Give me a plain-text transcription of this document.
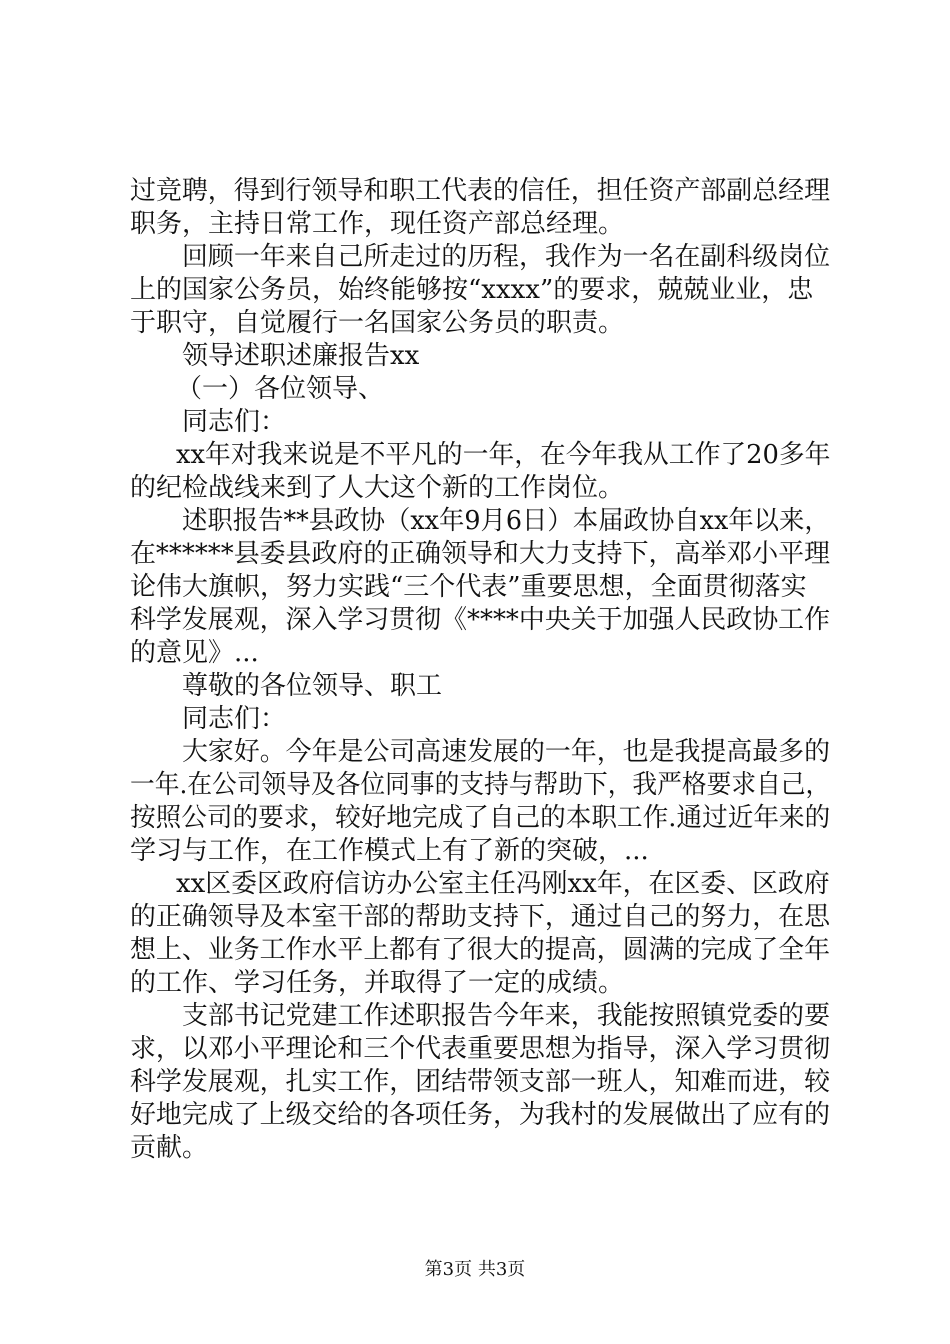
过竞聘，得到行领导和职工代表的信任，担任资产部副总经理
职务，主持日常工作，现任资产部总经理。
回顾一年来自己所走过的历程，我作为一名在副科级岗位
上的国家公务员，始终能够按“xxxx”的要求，兢兢业业，忠
于职守，自觉履行一名国家公务员的职责。
领导述职述廉报告xx
（一）各位领导、
同志们：
xx年对我来说是不平凡的一年，在今年我从工作了20多年
的纪检战线来到了人大这个新的工作岗位。
述职报告**县政协（xx年9月6日）本届政协自xx年以来，
在******县委县政府的正确领导和大力支持下，高举邓小平理
论伟大旗帜，努力实践“三个代表”重要思想，全面贯彻落实
科学发展观，深入学习贯彻《****中央关于加强人民政协工作
的意见》...
尊敬的各位领导、职工
同志们：
大家好。今年是公司高速发展的一年，也是我提高最多的
一年.在公司领导及各位同事的支持与帮助下，我严格要求自己，
按照公司的要求，较好地完成了自己的本职工作.通过近年来的
学习与工作，在工作模式上有了新的突破，...
xx区委区政府信访办公室主任冯刚xx年，在区委、区政府
的正确领导及本室干部的帮助支持下，通过自己的努力，在思
想上、业务工作水平上都有了很大的提高，圆满的完成了全年
的工作、学习任务，并取得了一定的成绩。
支部书记党建工作述职报告今年来，我能按照镇党委的要
求，以邓小平理论和三个代表重要思想为指导，深入学习贯彻
科学发展观，扎实工作，团结带领支部一班人，知难而进，较
好地完成了上级交给的各项任务，为我村的发展做出了应有的
贡献。
第3页 共3页
